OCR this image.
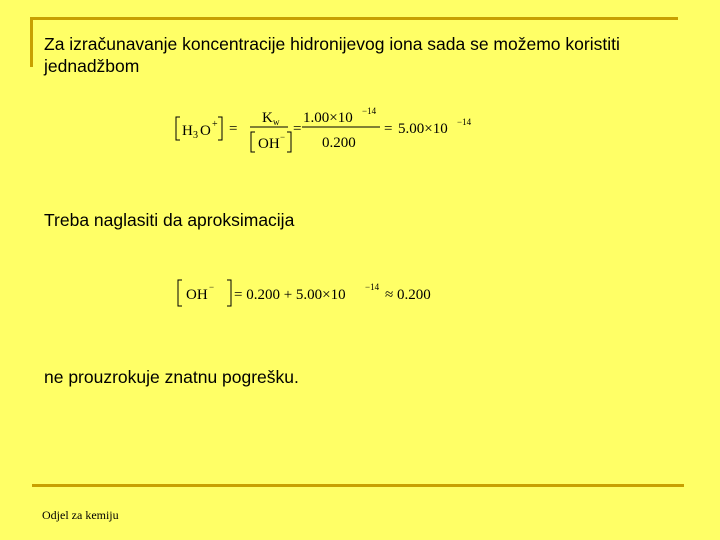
Za izračunavanje koncentracije hidronijevog iona sada se možemo koristiti jednadžbom
H 3 O + =
K w
OH − =
1.00×10 −14
0.200
= 5.00×10 −14
Treba naglasiti da aproksimacija
OH − = 0.200 + 5.00×10 −14 ≈ 0.200
ne prouzrokuje znatnu pogrešku.
Odjel za kemiju
